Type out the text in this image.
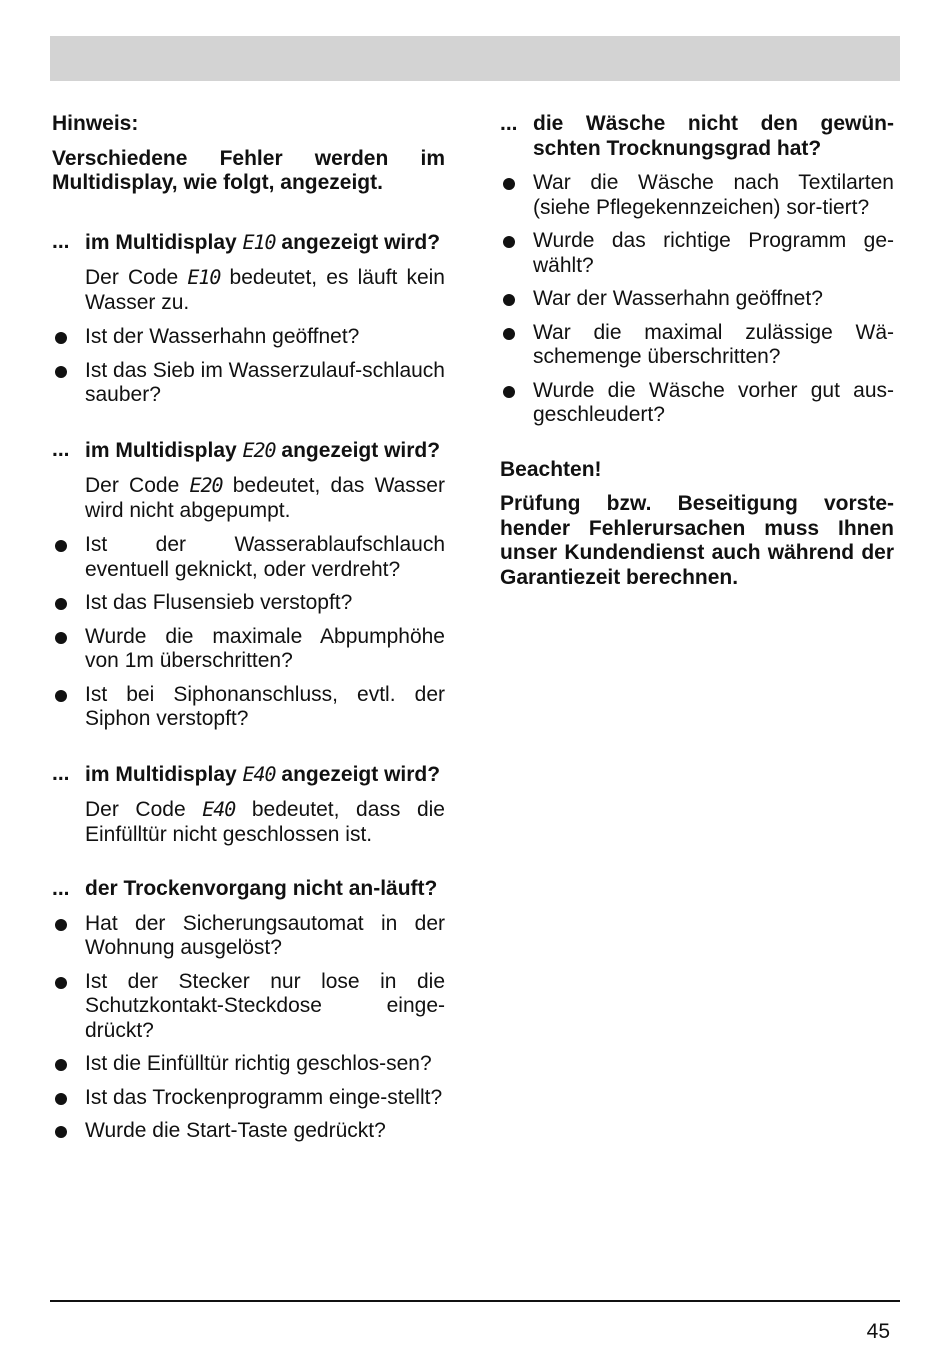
Hinweis:
Verschiedene Fehler werden im Multidisplay, wie folgt, angezeigt.
... im Multidisplay E10 angezeigt wird?
Der Code E10 bedeutet, es läuft kein Wasser zu.
Ist der Wasserhahn geöffnet?
Ist das Sieb im Wasserzulauf-schlauch sauber?
... im Multidisplay E20 angezeigt wird?
Der Code E20 bedeutet, das Wasser wird nicht abgepumpt.
Ist der Wasserablaufschlauch eventuell geknickt, oder verdreht?
Ist das Flusensieb verstopft?
Wurde die maximale Abpumphöhe von 1m überschritten?
Ist bei Siphonanschluss, evtl. der Siphon verstopft?
... im Multidisplay E40 angezeigt wird?
Der Code E40 bedeutet, dass die Einfülltür nicht geschlossen ist.
... der Trockenvorgang nicht an-läuft?
Hat der Sicherungsautomat in der Wohnung ausgelöst?
Ist der Stecker nur lose in die Schutzkontakt-Steckdose einge-drückt?
Ist die Einfülltür richtig geschlos-sen?
Ist das Trockenprogramm einge-stellt?
Wurde die Start-Taste gedrückt?
... die Wäsche nicht den gewün-schten Trocknungsgrad hat?
War die Wäsche nach Textilarten (siehe Pflegekennzeichen) sor-tiert?
Wurde das richtige Programm ge-wählt?
War der Wasserhahn geöffnet?
War die maximal zulässige Wä-schemenge überschritten?
Wurde die Wäsche vorher gut aus-geschleudert?
Beachten!
Prüfung bzw. Beseitigung vorste-hender Fehlerursachen muss Ihnen unser Kundendienst auch während der Garantiezeit berechnen.
45
